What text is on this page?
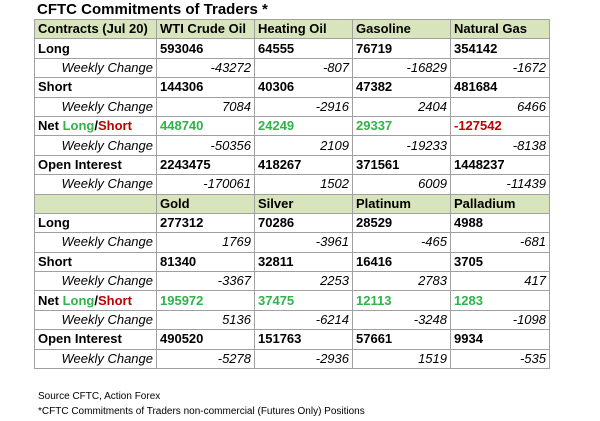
CFTC Commitments of Traders *
Contracts (Jul 20)	WTI Crude Oil	Heating Oil	Gasoline	Natural Gas
Long	593046	64555	76719	354142
Weekly Change	-43272	-807	-16829	-1672
Short	144306	40306	47382	481684
Weekly Change	7084	-2916	2404	6466
Net Long/Short	448740	24249	29337	-127542
Weekly Change	-50356	2109	-19233	-8138
Open Interest	2243475	418267	371561	1448237
Weekly Change	-170061	1502	6009	-11439
	Gold	Silver	Platinum	Palladium
Long	277312	70286	28529	4988
Weekly Change	1769	-3961	-465	-681
Short	81340	32811	16416	3705
Weekly Change	-3367	2253	2783	417
Net Long/Short	195972	37475	12113	1283
Weekly Change	5136	-6214	-3248	-1098
Open Interest	490520	151763	57661	9934
Weekly Change	-5278	-2936	1519	-535
Source CFTC, Action Forex
*CFTC Commitments of Traders non-commercial (Futures Only) Positions
